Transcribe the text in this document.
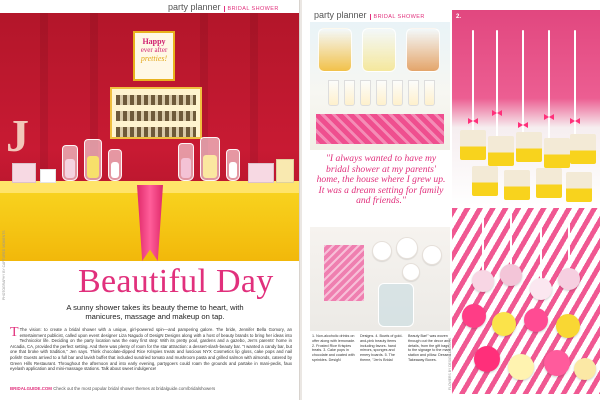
party planner BRIDAL SHOWER
Happy
ever after
pretties!
J
Beautiful Day
A sunny shower takes its beauty theme to heart, with manicures, massage and makeup on tap.
T The vision: to create a bridal shower with a unique, girl-powered spin—and pampering galore. The bride, Jennifer Bella Gomory, an entertainment publicist, called upon event designer Liza Nagudo of DesigN Designs along with a host of beauty brands to bring her ideas into Technicolor life. Deciding on the party location was the easy first step: With its pretty pool, gardens and a gazebo, Jen's parents' home in Arcadia, CA, provided the perfect setting. And there was plenty of room for the star attraction: a dessert-slash-beauty bar. "I wanted a candy bar, but one that broke with tradition," Jen says. Think chocolate-dipped Rice Krispies treats and luscious NYX Cosmetics lip gloss, cake pops and nail polish! Guests arrived to a full bar and lavish buffet that included sundried tomato and mushroom pasta and grilled salmon with almonds, catered by Green Hills Restaurant. Throughout the afternoon and into early evening, partygoers could roam the grounds and partake in mani-pedis, faux eyelash application and mini-massage stations. Talk about sweet indulgence!
BRIDALGUIDE.COM Check out the most popular bridal shower themes at bridalguide.com/bridalshowers
PHOTOGRAPHY BY CAPTURED MOMENTS
party planner BRIDAL SHOWER
"I always wanted to have my bridal shower at my parents' home, the house where I grew up. It was a dream setting for family and friends."
1. Non-alcoholic drinks on offer along with lemonade. 2. Frosted Rice Krispies treats. 3. Cake pops in chocolate and coated with sprinkles. DesigN Designs. 4. Bowls of gold-and-pink beauty items including favors. hand mirrors, sponges and emery boards. 5. The theme, "Jen's Bridal Beauty Bar!" was woven through out the decor and details, from the gift bags to the signage to the mani station and pillow. Dessert Takeaway Boxes.
2.
3.
FLOWERS BY DESIGN DESIGNS
